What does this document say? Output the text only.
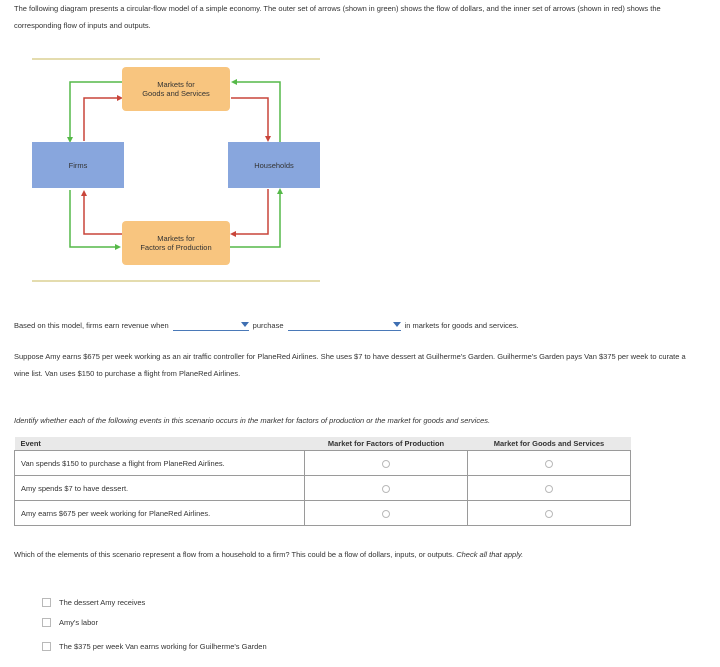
The following diagram presents a circular-flow model of a simple economy. The outer set of arrows (shown in green) shows the flow of dollars, and the inner set of arrows (shown in red) shows the corresponding flow of inputs and outputs.
Markets for
Goods and Services
Markets for
Factors of Production
Firms	Households
Based on this model, firms earn revenue when	purchase	in markets for goods and services.
Suppose Amy earns $675 per week working as an air traffic controller for PlaneRed Airlines. She uses $7 to have dessert at Guilherme's Garden. Guilherme's Garden pays Van $375 per week to curate a wine list. Van uses $150 to purchase a flight from PlaneRed Airlines.
Identify whether each of the following events in this scenario occurs in the market for factors of production or the market for goods and services.
Event	Market for Factors of Production	Market for Goods and Services
Van spends $150 to purchase a flight from PlaneRed Airlines.		
Amy spends $7 to have dessert.		
Amy earns $675 per week working for PlaneRed Airlines.		
Which of the elements of this scenario represent a flow from a household to a firm? This could be a flow of dollars, inputs, or outputs. Check all that apply.
The dessert Amy receives
Amy's labor
The $375 per week Van earns working for Guilherme's Garden
